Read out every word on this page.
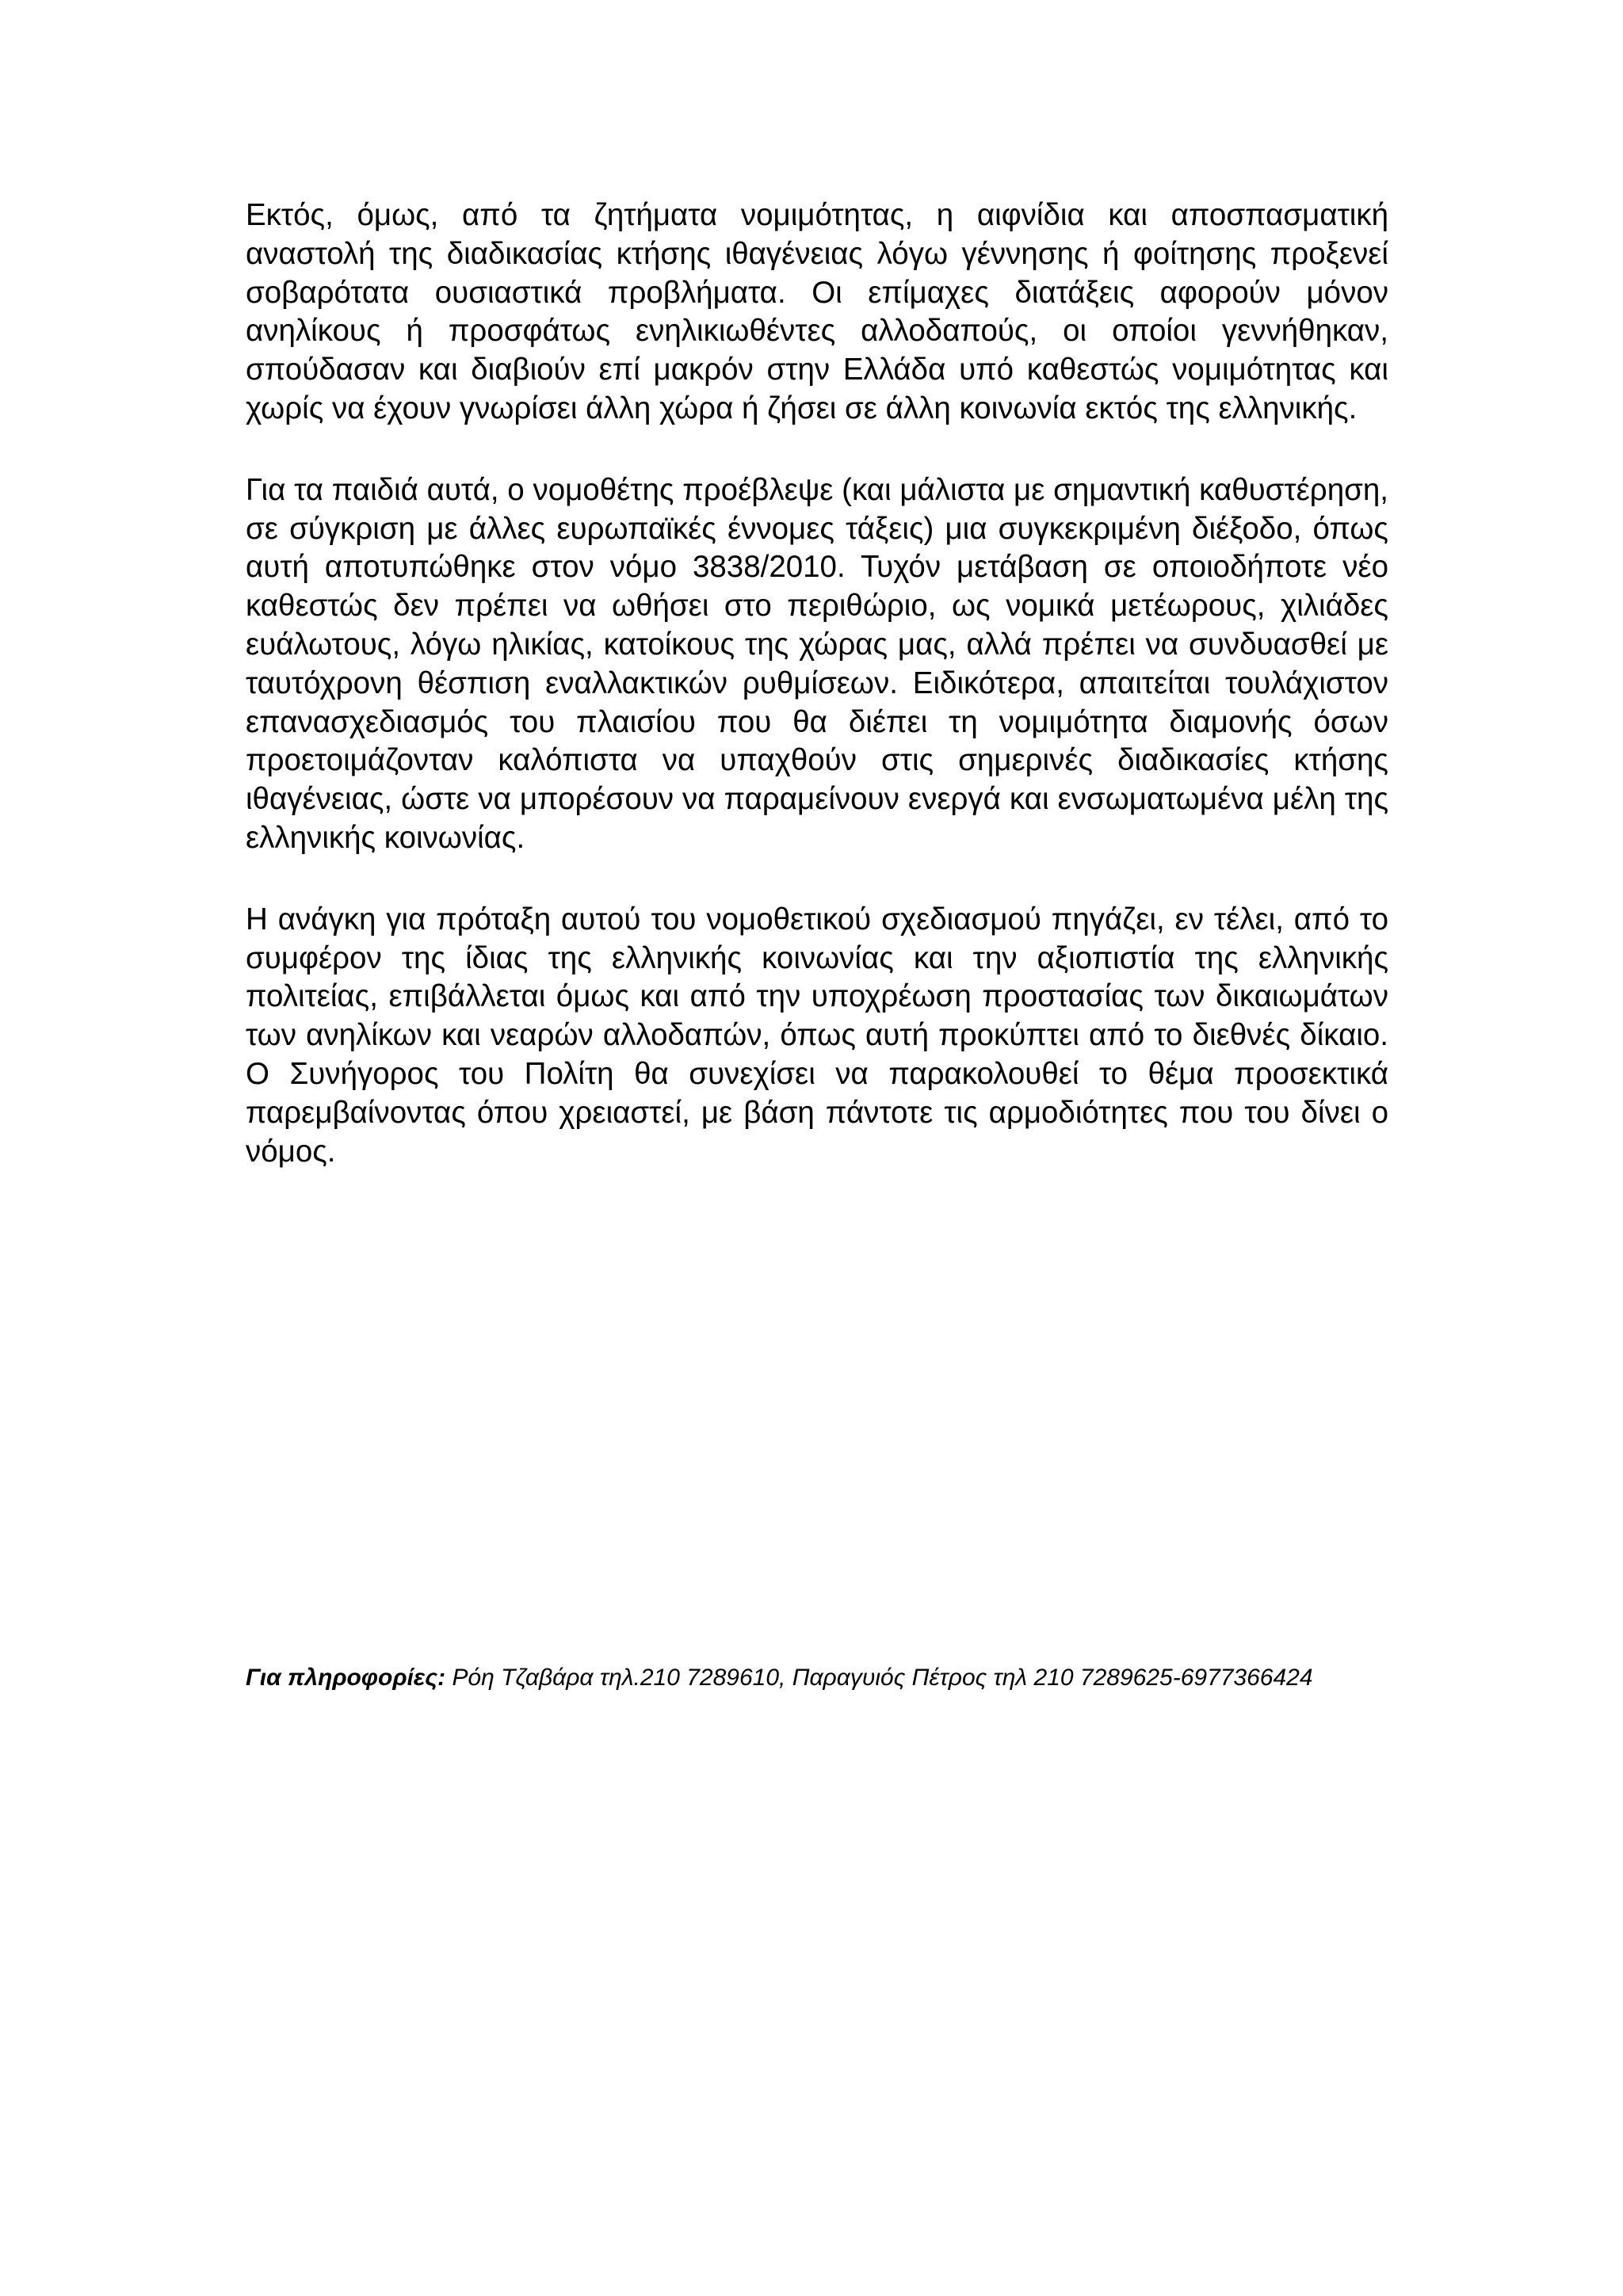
Εκτός, όμως, από τα ζητήματα νομιμότητας, η αιφνίδια και αποσπασματική αναστολή της διαδικασίας κτήσης ιθαγένειας λόγω γέννησης ή φοίτησης προξενεί σοβαρότατα ουσιαστικά προβλήματα. Οι επίμαχες διατάξεις αφορούν μόνον ανηλίκους ή προσφάτως ενηλικιωθέντες αλλοδαπούς, οι οποίοι γεννήθηκαν, σπούδασαν και διαβιούν επί μακρόν στην Ελλάδα υπό καθεστώς νομιμότητας και χωρίς να έχουν γνωρίσει άλλη χώρα ή ζήσει σε άλλη κοινωνία εκτός της ελληνικής.

Για τα παιδιά αυτά, ο νομοθέτης προέβλεψε (και μάλιστα με σημαντική καθυστέρηση, σε σύγκριση με άλλες ευρωπαϊκές έννομες τάξεις) μια συγκεκριμένη διέξοδο, όπως αυτή αποτυπώθηκε στον νόμο 3838/2010. Τυχόν μετάβαση σε οποιοδήποτε νέο καθεστώς δεν πρέπει να ωθήσει στο περιθώριο, ως νομικά μετέωρους, χιλιάδες ευάλωτους, λόγω ηλικίας, κατοίκους της χώρας μας, αλλά πρέπει να συνδυασθεί με ταυτόχρονη θέσπιση εναλλακτικών ρυθμίσεων. Ειδικότερα, απαιτείται τουλάχιστον επανασχεδιασμός του πλαισίου που θα διέπει τη νομιμότητα διαμονής όσων προετοιμάζονταν καλόπιστα να υπαχθούν στις σημερινές διαδικασίες κτήσης ιθαγένειας, ώστε να μπορέσουν να παραμείνουν ενεργά και ενσωματωμένα μέλη της ελληνικής κοινωνίας.

Η ανάγκη για πρόταξη αυτού του νομοθετικού σχεδιασμού πηγάζει, εν τέλει, από το συμφέρον της ίδιας της ελληνικής κοινωνίας και την αξιοπιστία της ελληνικής πολιτείας, επιβάλλεται όμως και από την υποχρέωση προστασίας των δικαιωμάτων των ανηλίκων και νεαρών αλλοδαπών, όπως αυτή προκύπτει από το διεθνές δίκαιο. Ο Συνήγορος του Πολίτη θα συνεχίσει να παρακολουθεί το θέμα προσεκτικά παρεμβαίνοντας όπου χρειαστεί, με βάση πάντοτε τις αρμοδιότητες που του δίνει ο νόμος.

Για πληροφορίες: Ρόη Τζαβάρα τηλ.210 7289610, Παραγυιός Πέτρος τηλ 210 7289625-6977366424
